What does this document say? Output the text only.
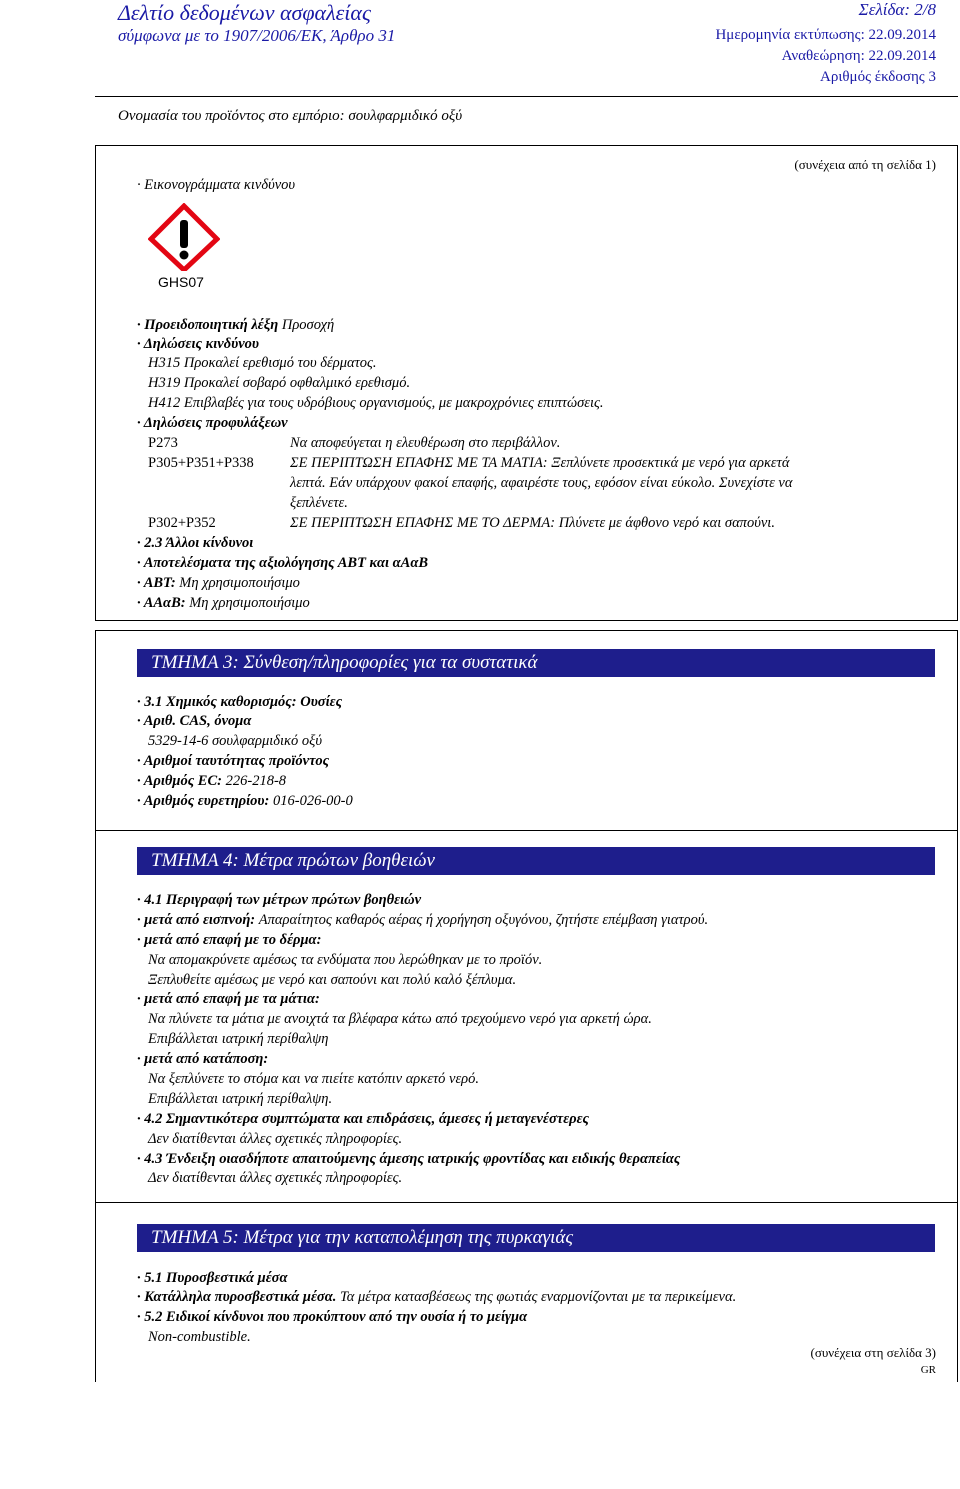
Δελτίο δεδομένων ασφαλείας
σύμφωνα με το 1907/2006/ΕΚ, Άρθρο 31
Σελίδα: 2/8
Ημερομηνία εκτύπωσης: 22.09.2014
Αναθεώρηση: 22.09.2014
Αριθμός έκδοσης 3
Ονομασία του προϊόντος στο εμπόριο: σουλφαρμιδικό οξύ
(συνέχεια από τη σελίδα 1)
· Εικονογράμματα κινδύνου
GHS07
· Προειδοποιητική λέξη Προσοχή
· Δηλώσεις κινδύνου
H315 Προκαλεί ερεθισμό του δέρματος.
H319 Προκαλεί σοβαρό οφθαλμικό ερεθισμό.
H412 Επιβλαβές για τους υδρόβιους οργανισμούς, με μακροχρόνιες επιπτώσεις.
· Δηλώσεις προφυλάξεων
P273	Να αποφεύγεται η ελευθέρωση στο περιβάλλον.
P305+P351+P338 ΣΕ ΠΕΡΙΠΤΩΣΗ ΕΠΑΦΗΣ ΜΕ ΤΑ ΜΑΤΙΑ: Ξεπλύνετε προσεκτικά με νερό για αρκετά
λεπτά. Εάν υπάρχουν φακοί επαφής, αφαιρέστε τους, εφόσον είναι εύκολο. Συνεχίστε να
ξεπλένετε.
P302+P352	ΣΕ ΠΕΡΙΠΤΩΣΗ ΕΠΑΦΗΣ ΜΕ ΤΟ ΔΕΡΜΑ: Πλύνετε με άφθονο νερό και σαπούνι.
· 2.3 Άλλοι κίνδυνοι
· Αποτελέσματα της αξιολόγησης ΑΒΤ και αΑαΒ
· ΑΒΤ: Μη χρησιμοποιήσιμο
· ΑΑαΒ: Μη χρησιμοποιήσιμο
ΤΜΗΜΑ 3: Σύνθεση/πληροφορίες για τα συστατικά
· 3.1 Χημικός καθορισμός: Ουσίες
· Αριθ. CAS, όνομα
5329-14-6 σουλφαρμιδικό οξύ
· Αριθμοί ταυτότητας προϊόντος
· Αριθμός EC: 226-218-8
· Αριθμός ευρετηρίου: 016-026-00-0
ΤΜΗΜΑ 4: Μέτρα πρώτων βοηθειών
· 4.1 Περιγραφή των μέτρων πρώτων βοηθειών
· μετά από εισπνοή: Απαραίτητος καθαρός αέρας ή χορήγηση οξυγόνου, ζητήστε επέμβαση γιατρού.
· μετά από επαφή με το δέρμα:
Να απομακρύνετε αμέσως τα ενδύματα που λερώθηκαν με το προϊόν.
Ξεπλυθείτε αμέσως με νερό και σαπούνι και πολύ καλό ξέπλυμα.
· μετά από επαφή με τα μάτια:
Να πλύνετε τα μάτια με ανοιχτά τα βλέφαρα κάτω από τρεχούμενο νερό για αρκετή ώρα.
Επιβάλλεται ιατρική περίθαλψη
· μετά από κατάποση:
Να ξεπλύνετε το στόμα και να πιείτε κατόπιν αρκετό νερό.
Επιβάλλεται ιατρική περίθαλψη.
· 4.2 Σημαντικότερα συμπτώματα και επιδράσεις, άμεσες ή μεταγενέστερες
Δεν διατίθενται άλλες σχετικές πληροφορίες.
· 4.3 Ένδειξη οιασδήποτε απαιτούμενης άμεσης ιατρικής φροντίδας και ειδικής θεραπείας
Δεν διατίθενται άλλες σχετικές πληροφορίες.
ΤΜΗΜΑ 5: Μέτρα για την καταπολέμηση της πυρκαγιάς
· 5.1 Πυροσβεστικά μέσα
· Κατάλληλα πυροσβεστικά μέσα. Τα μέτρα κατασβέσεως της φωτιάς εναρμονίζονται με τα περικείμενα.
· 5.2 Ειδικοί κίνδυνοι που προκύπτουν από την ουσία ή το μείγμα
Non-combustible.
(συνέχεια στη σελίδα 3)
GR
